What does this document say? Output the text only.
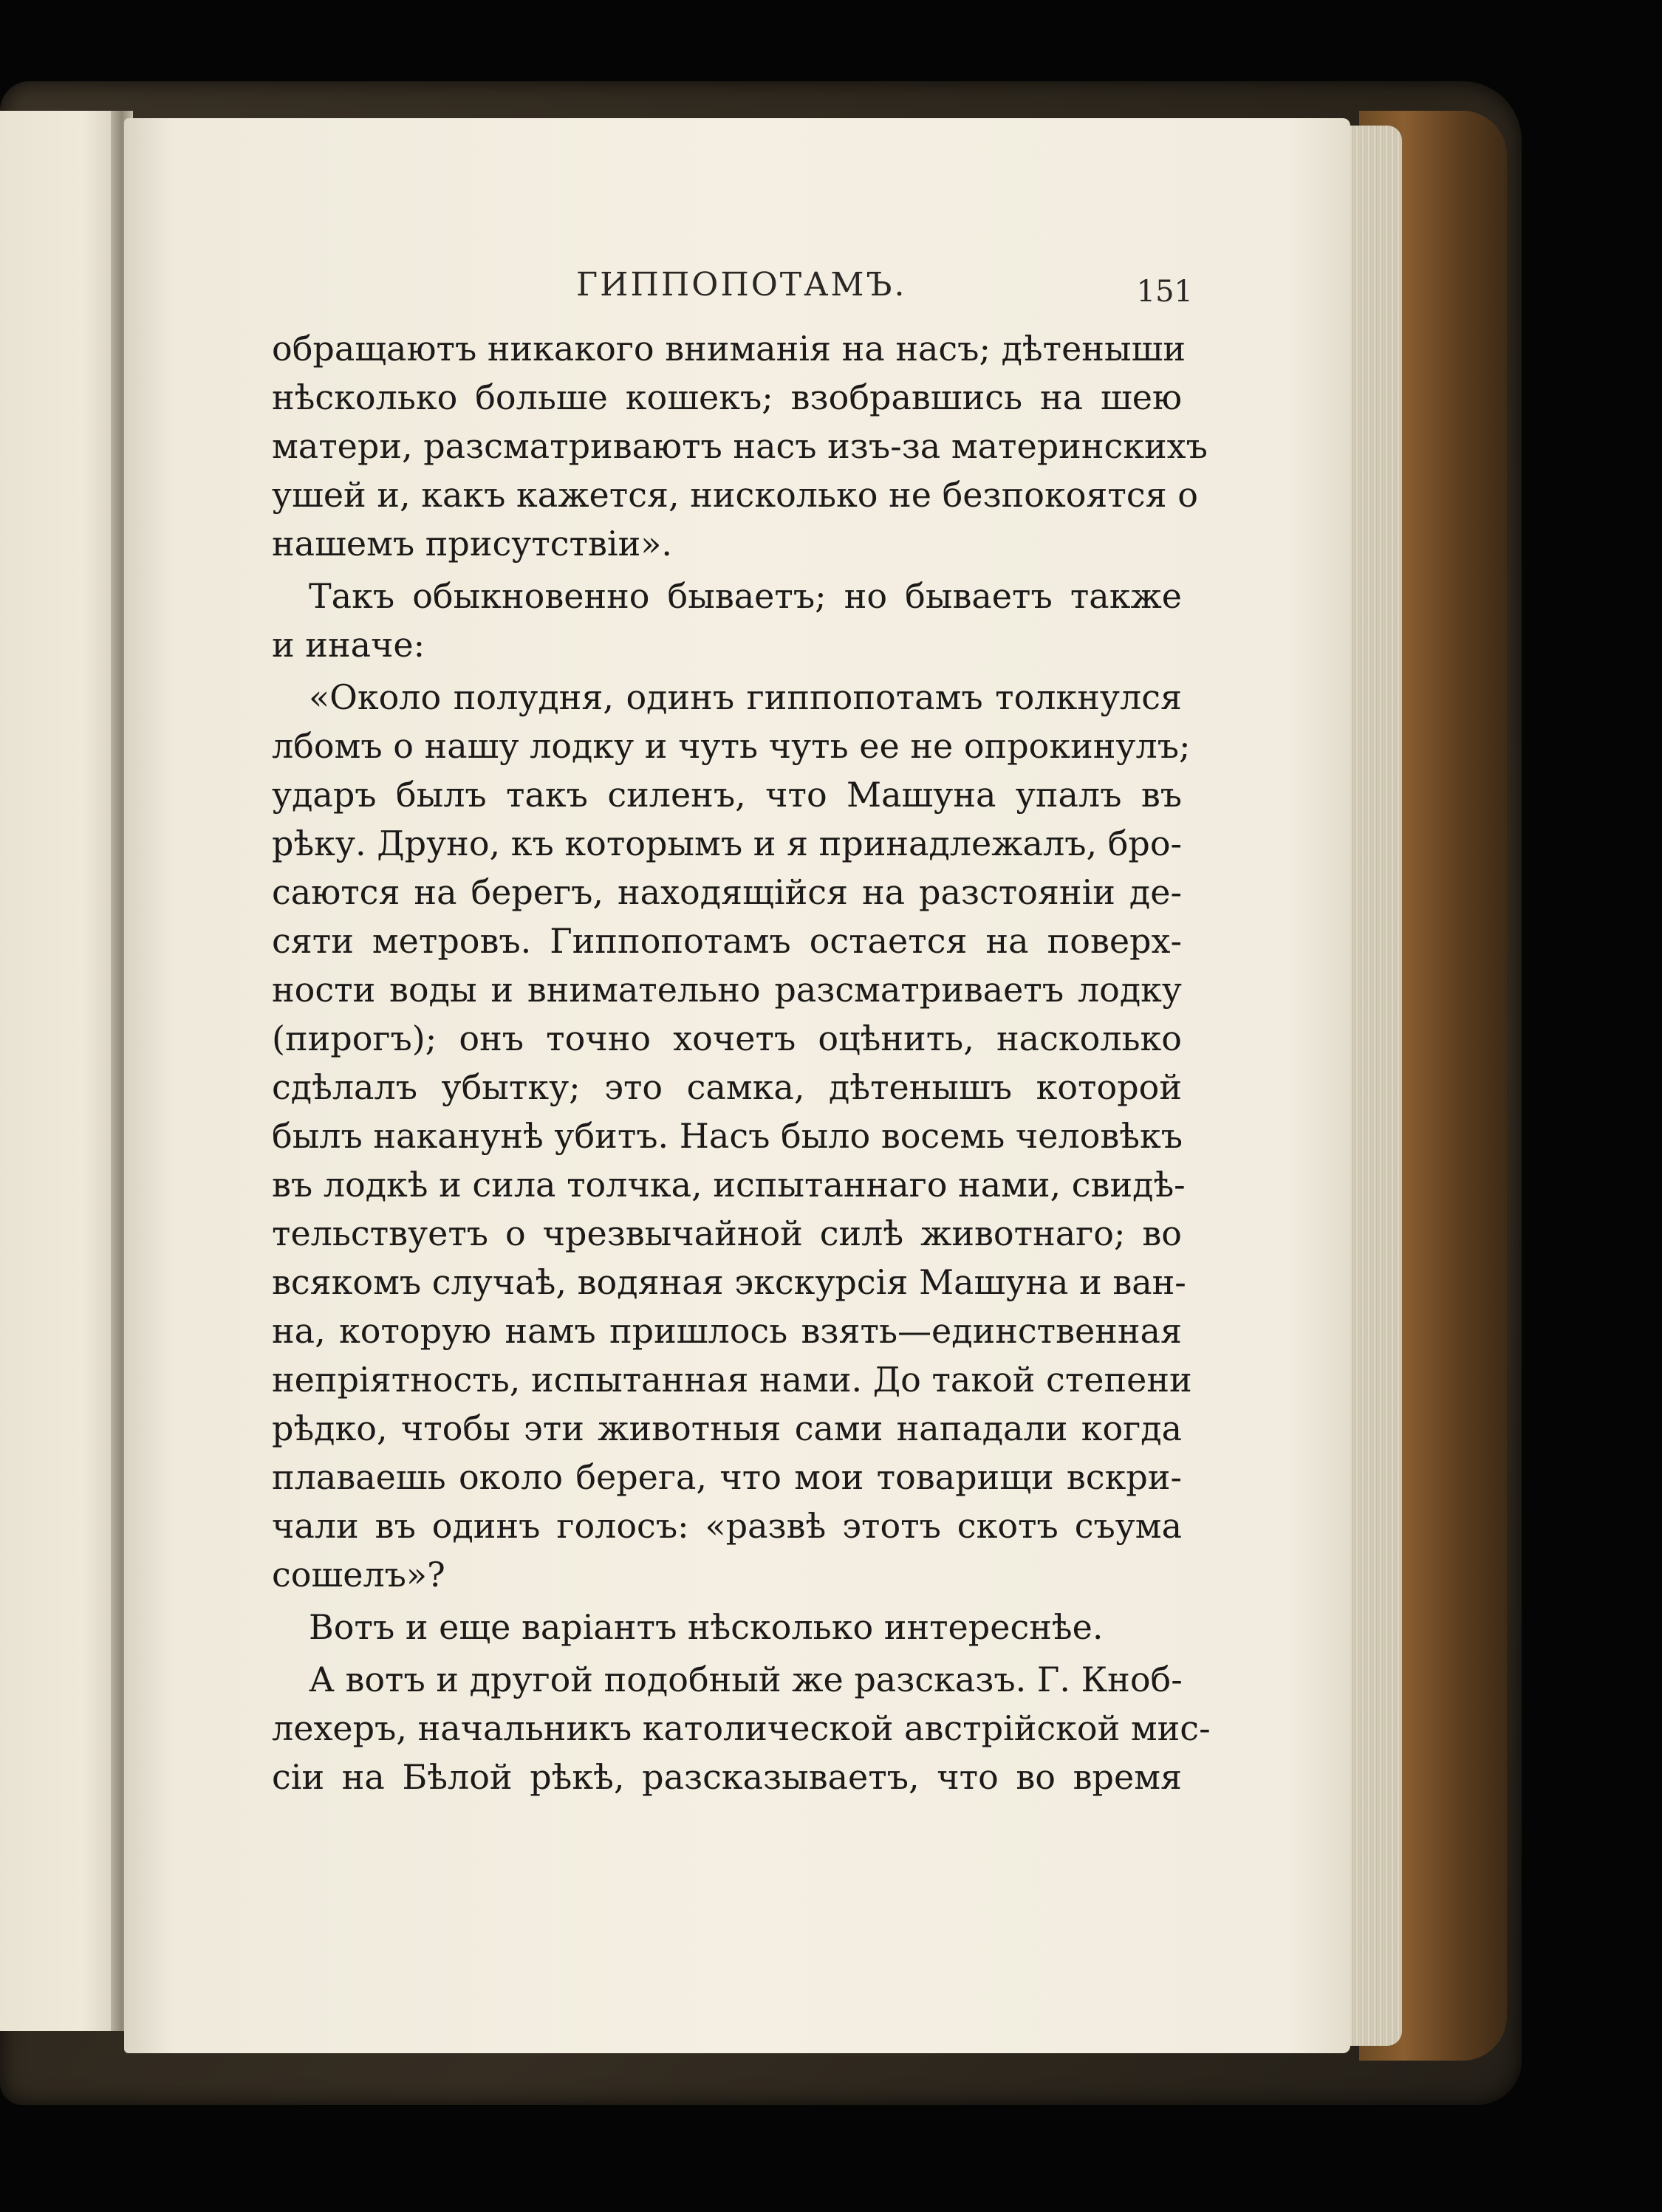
ГИППОПОТАМЪ.	151
обращаютъ никакого вниманія на насъ; дѣтеныши
нѣсколько больше кошекъ; взобравшись на шею
матери, разсматриваютъ насъ изъ-за материнскихъ
ушей и, какъ кажется, нисколько не безпокоятся о
нашемъ присутствіи».
Такъ обыкновенно бываетъ; но бываетъ также
и иначе:
«Около полудня, одинъ гиппопотамъ толкнулся
лбомъ о нашу лодку и чуть чуть ее не опрокинулъ;
ударъ былъ такъ силенъ, что Машуна упалъ въ
рѣку. Друно, къ которымъ и я принадлежалъ, бро-
саются на берегъ, находящійся на разстояніи де-
сяти метровъ. Гиппопотамъ остается на поверх-
ности воды и внимательно разсматриваетъ лодку
(пирогъ); онъ точно хочетъ оцѣнить, насколько
сдѣлалъ убытку; это самка, дѣтенышъ которой
былъ наканунѣ убитъ. Насъ было восемь человѣкъ
въ лодкѣ и сила толчка, испытаннаго нами, свидѣ-
тельствуетъ о чрезвычайной силѣ животнаго; во
всякомъ случаѣ, водяная экскурсія Машуна и ван-
на, которую намъ пришлось взять—единственная
непріятность, испытанная нами. До такой степени
рѣдко, чтобы эти животныя сами нападали когда
плаваешь около берега, что мои товарищи вскри-
чали въ одинъ голосъ: «развѣ этотъ скотъ съума
сошелъ»?
Вотъ и еще варіантъ нѣсколько интереснѣе.
А вотъ и другой подобный же разсказъ. Г. Кноб-
лехеръ, начальникъ католической австрійской мис-
сіи на Бѣлой рѣкѣ, разсказываетъ, что во время
